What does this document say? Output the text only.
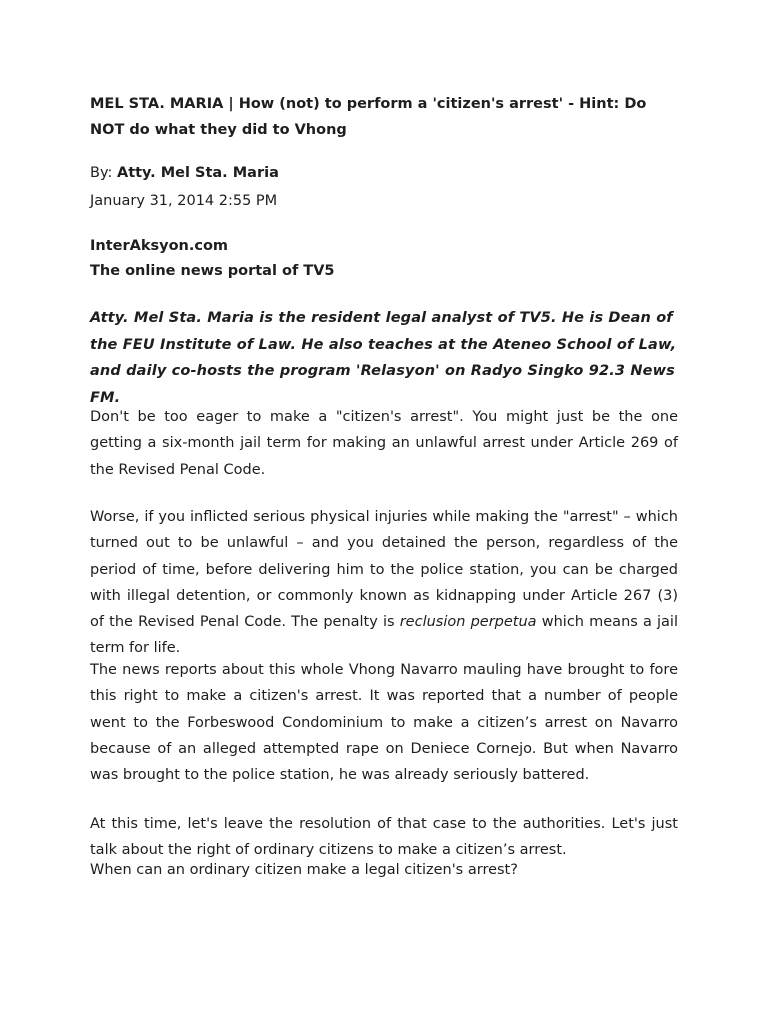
MEL STA. MARIA | How (not) to perform a 'citizen's arrest' - Hint: Do NOT do what they did to Vhong

By: Atty. Mel Sta. Maria

January 31, 2014 2:55 PM

InterAksyon.com
The online news portal of TV5

Atty. Mel Sta. Maria is the resident legal analyst of TV5. He is Dean of the FEU Institute of Law. He also teaches at the Ateneo School of Law, and daily co-hosts the program 'Relasyon' on Radyo Singko 92.3 News FM.

Don't be too eager to make a "citizen's arrest". You might just be the one getting a six-month jail term for making an unlawful arrest under Article 269 of the Revised Penal Code.

Worse, if you inflicted serious physical injuries while making the "arrest" – which turned out to be unlawful – and you detained the person, regardless of the period of time, before delivering him to the police station, you can be charged with illegal detention, or commonly known as kidnapping under Article 267 (3) of the Revised Penal Code. The penalty is reclusion perpetua which means a jail term for life.

The news reports about this whole Vhong Navarro mauling have brought to fore this right to make a citizen's arrest. It was reported that a number of people went to the Forbeswood Condominium to make a citizen’s arrest on Navarro because of an alleged attempted rape on Deniece Cornejo. But when Navarro was brought to the police station, he was already seriously battered.

At this time, let's leave the resolution of that case to the authorities. Let's just talk about the right of ordinary citizens to make a citizen’s arrest.

When can an ordinary citizen make a legal citizen's arrest?
